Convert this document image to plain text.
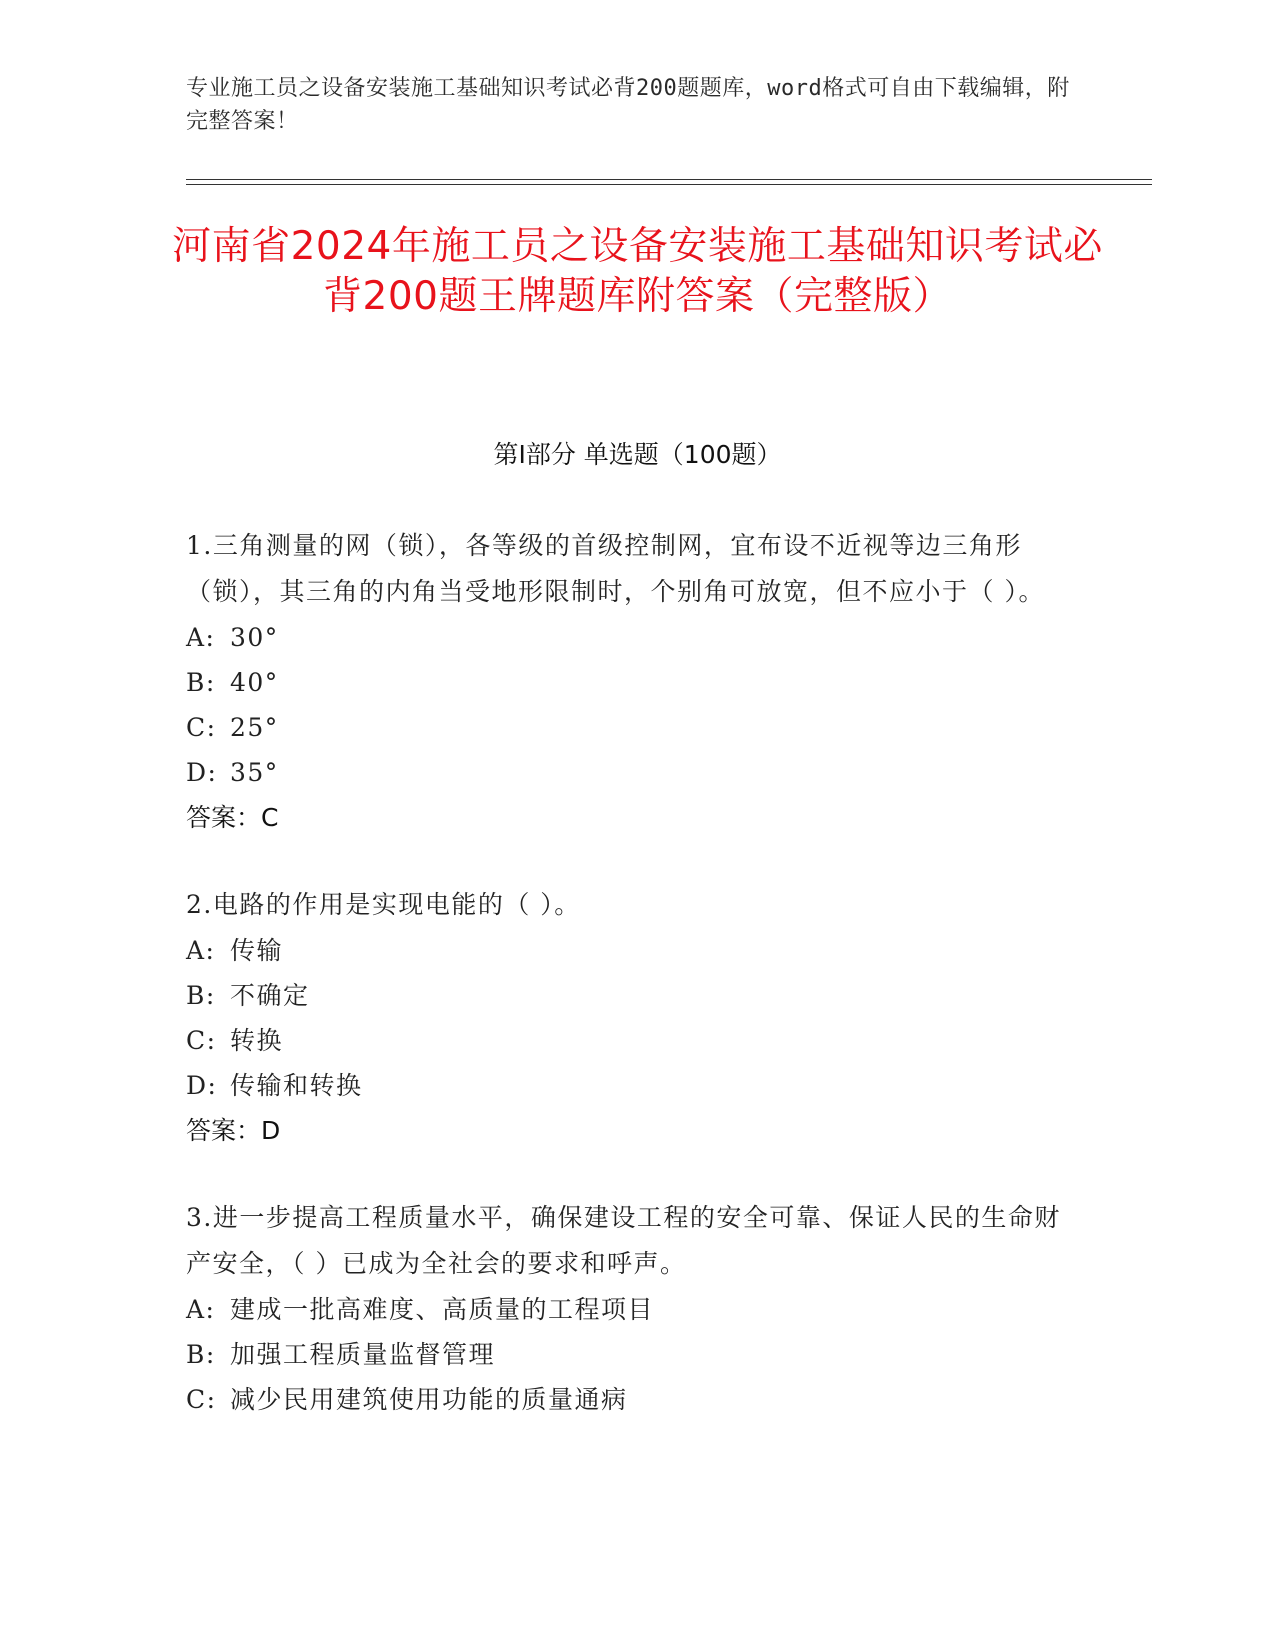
专业施工员之设备安装施工基础知识考试必背200题题库，word格式可自由下载编辑，附完整答案！
河南省2024年施工员之设备安装施工基础知识考试必背200题王牌题库附答案（完整版）
第I部分 单选题（100题）
1.三角测量的网（锁），各等级的首级控制网，宜布设不近视等边三角形（锁），其三角的内角当受地形限制时，个别角可放宽，但不应小于（ ）。
A: 30°
B: 40°
C: 25°
D: 35°
答案：C
2.电路的作用是实现电能的（ ）。
A: 传输
B: 不确定
C: 转换
D: 传输和转换
答案：D
3.进一步提高工程质量水平，确保建设工程的安全可靠、保证人民的生命财产安全，（ ）已成为全社会的要求和呼声。
A: 建成一批高难度、高质量的工程项目
B: 加强工程质量监督管理
C: 减少民用建筑使用功能的质量通病
